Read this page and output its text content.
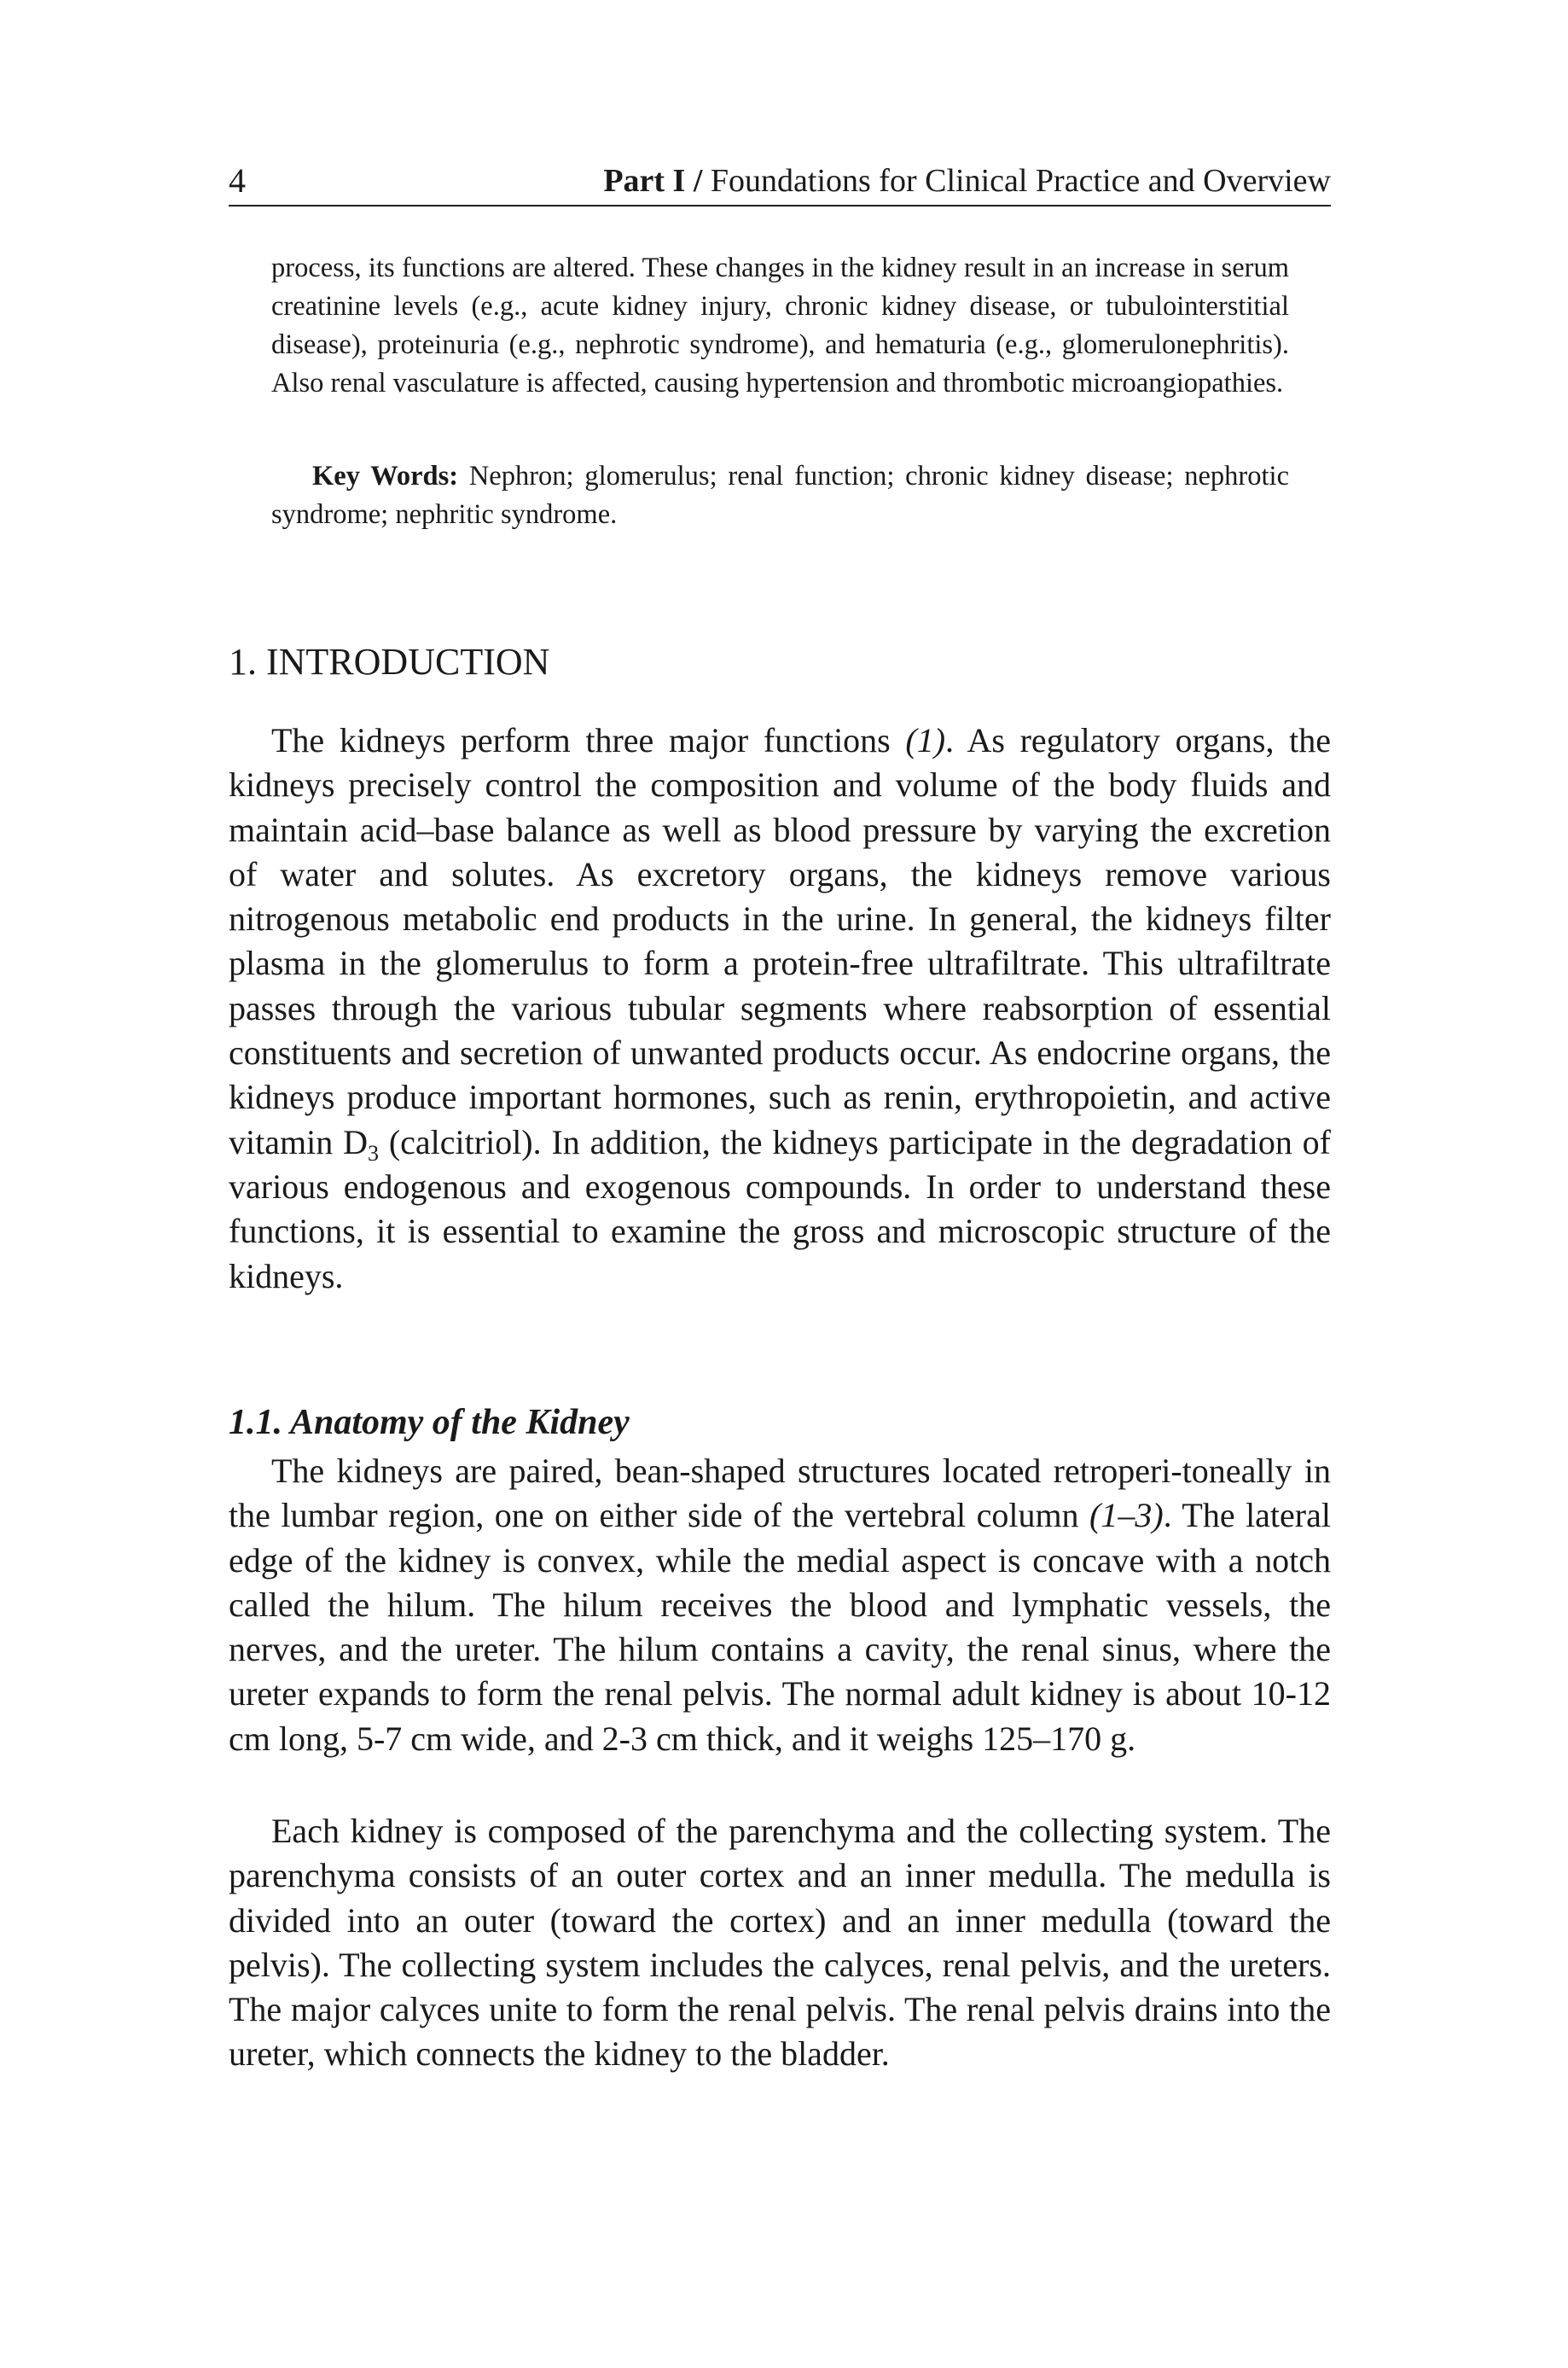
4	Part I / Foundations for Clinical Practice and Overview

process, its functions are altered. These changes in the kidney result in an increase in serum creatinine levels (e.g., acute kidney injury, chronic kidney disease, or tubulointerstitial disease), proteinuria (e.g., nephrotic syndrome), and hematuria (e.g., glomerulonephritis). Also renal vasculature is affected, causing hypertension and thrombotic microangiopathies.

Key Words: Nephron; glomerulus; renal function; chronic kidney disease; nephrotic syndrome; nephritic syndrome.
1. INTRODUCTION

The kidneys perform three major functions (1). As regulatory organs, the kidneys precisely control the composition and volume of the body fluids and maintain acid–base balance as well as blood pressure by varying the excretion of water and solutes. As excretory organs, the kidneys remove various nitrogenous metabolic end products in the urine. In general, the kidneys filter plasma in the glomerulus to form a protein-free ultrafiltrate. This ultrafiltrate passes through the various tubular segments where reabsorption of essential constituents and secretion of unwanted products occur. As endocrine organs, the kidneys produce important hormones, such as renin, erythropoietin, and active vitamin $D_3$ (calcitriol). In addition, the kidneys participate in the degradation of various endogenous and exogenous compounds. In order to understand these functions, it is essential to examine the gross and microscopic structure of the kidneys.

1.1. Anatomy of the Kidney

The kidneys are paired, bean-shaped structures located retroperi-toneally in the lumbar region, one on either side of the vertebral column (1–3). The lateral edge of the kidney is convex, while the medial aspect is concave with a notch called the hilum. The hilum receives the blood and lymphatic vessels, the nerves, and the ureter. The hilum contains a cavity, the renal sinus, where the ureter expands to form the renal pelvis. The normal adult kidney is about 10-12 cm long, 5-7 cm wide, and 2-3 cm thick, and it weighs 125–170 g.

Each kidney is composed of the parenchyma and the collecting system. The parenchyma consists of an outer cortex and an inner medulla. The medulla is divided into an outer (toward the cortex) and an inner medulla (toward the pelvis). The collecting system includes the calyces, renal pelvis, and the ureters. The major calyces unite to form the renal pelvis. The renal pelvis drains into the ureter, which connects the kidney to the bladder.
